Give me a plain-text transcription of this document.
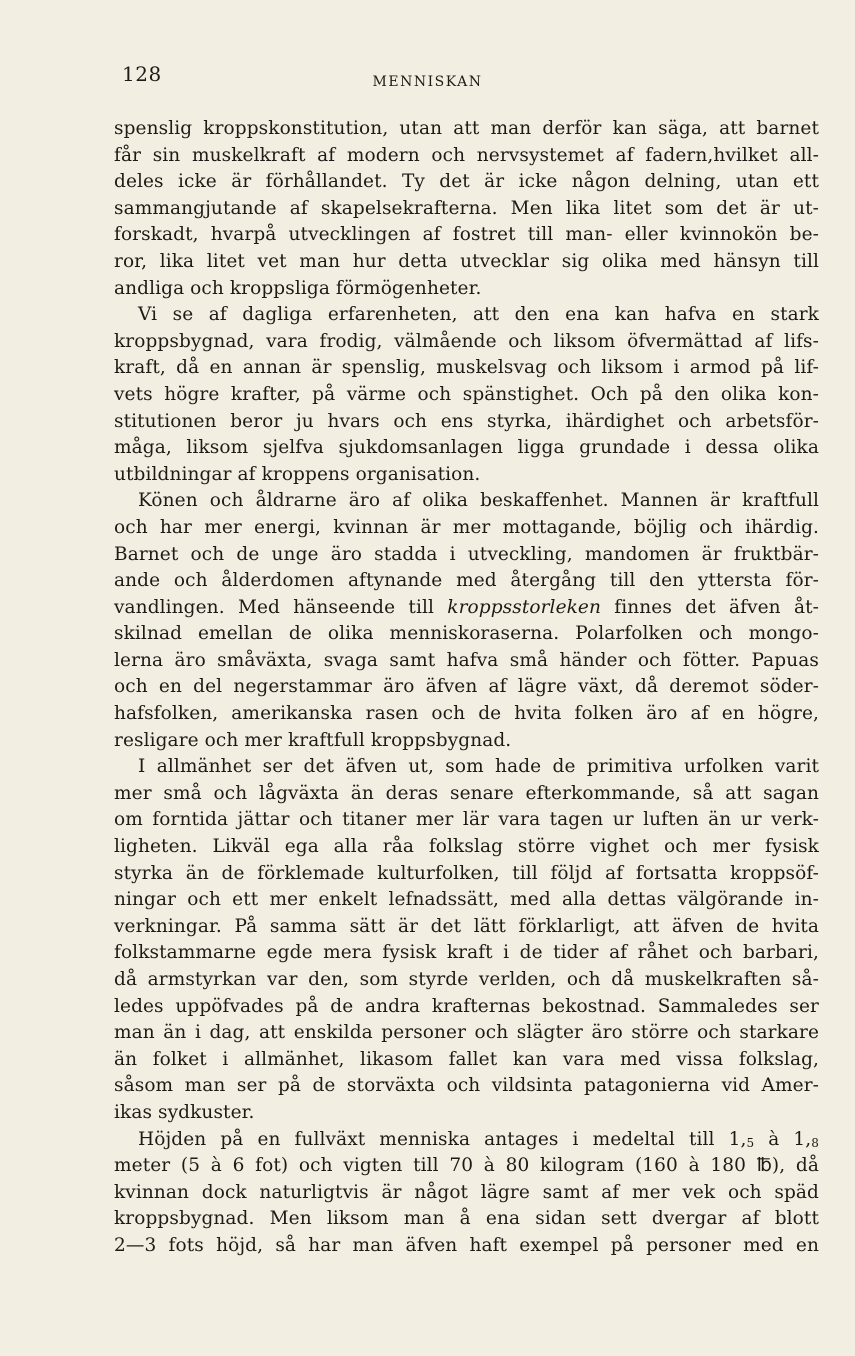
128	MENNISKAN
spenslig kroppskonstitution, utan att man derför kan säga, att barnet
får sin muskelkraft af modern och nervsystemet af fadern,hvilket all-
deles icke är förhållandet. Ty det är icke någon delning, utan ett
sammangjutande af skapelsekrafterna. Men lika litet som det är ut-
forskadt, hvarpå utvecklingen af fostret till man- eller kvinnokön be-
ror, lika litet vet man hur detta utvecklar sig olika med hänsyn till
andliga och kroppsliga förmögenheter.
Vi se af dagliga erfarenheten, att den ena kan hafva en stark
kroppsbygnad, vara frodig, välmående och liksom öfvermättad af lifs-
kraft, då en annan är spenslig, muskelsvag och liksom i armod på lif-
vets högre krafter, på värme och spänstighet. Och på den olika kon-
stitutionen beror ju hvars och ens styrka, ihärdighet och arbetsför-
måga, liksom sjelfva sjukdomsanlagen ligga grundade i dessa olika
utbildningar af kroppens organisation.
Könen och åldrarne äro af olika beskaffenhet. Mannen är kraftfull
och har mer energi, kvinnan är mer mottagande, böjlig och ihärdig.
Barnet och de unge äro stadda i utveckling, mandomen är fruktbär-
ande och ålderdomen aftynande med återgång till den yttersta för-
vandlingen. Med hänseende till kroppsstorleken finnes det äfven åt-
skilnad emellan de olika menniskoraserna. Polarfolken och mongo-
lerna äro småväxta, svaga samt hafva små händer och fötter. Papuas
och en del negerstammar äro äfven af lägre växt, då deremot söder-
hafsfolken, amerikanska rasen och de hvita folken äro af en högre,
resligare och mer kraftfull kroppsbygnad.
I allmänhet ser det äfven ut, som hade de primitiva urfolken varit
mer små och lågväxta än deras senare efterkommande, så att sagan
om forntida jättar och titaner mer lär vara tagen ur luften än ur verk-
ligheten. Likväl ega alla råa folkslag större vighet och mer fysisk
styrka än de förklemade kulturfolken, till följd af fortsatta kroppsöf-
ningar och ett mer enkelt lefnadssätt, med alla dettas välgörande in-
verkningar. På samma sätt är det lätt förklarligt, att äfven de hvita
folkstammarne egde mera fysisk kraft i de tider af råhet och barbari,
då armstyrkan var den, som styrde verlden, och då muskelkraften så-
ledes uppöfvades på de andra krafternas bekostnad. Sammaledes ser
man än i dag, att enskilda personer och slägter äro större och starkare
än folket i allmänhet, likasom fallet kan vara med vissa folkslag,
såsom man ser på de storväxta och vildsinta patagonierna vid Amer-
ikas sydkuster.
Höjden på en fullväxt menniska antages i medeltal till $1,_5$ à $1,_8$
meter (5 à 6 fot) och vigten till 70 à 80 kilogram (160 à 180 ℔), då
kvinnan dock naturligtvis är något lägre samt af mer vek och späd
kroppsbygnad. Men liksom man å ena sidan sett dvergar af blott
2—3 fots höjd, så har man äfven haft exempel på personer med en
